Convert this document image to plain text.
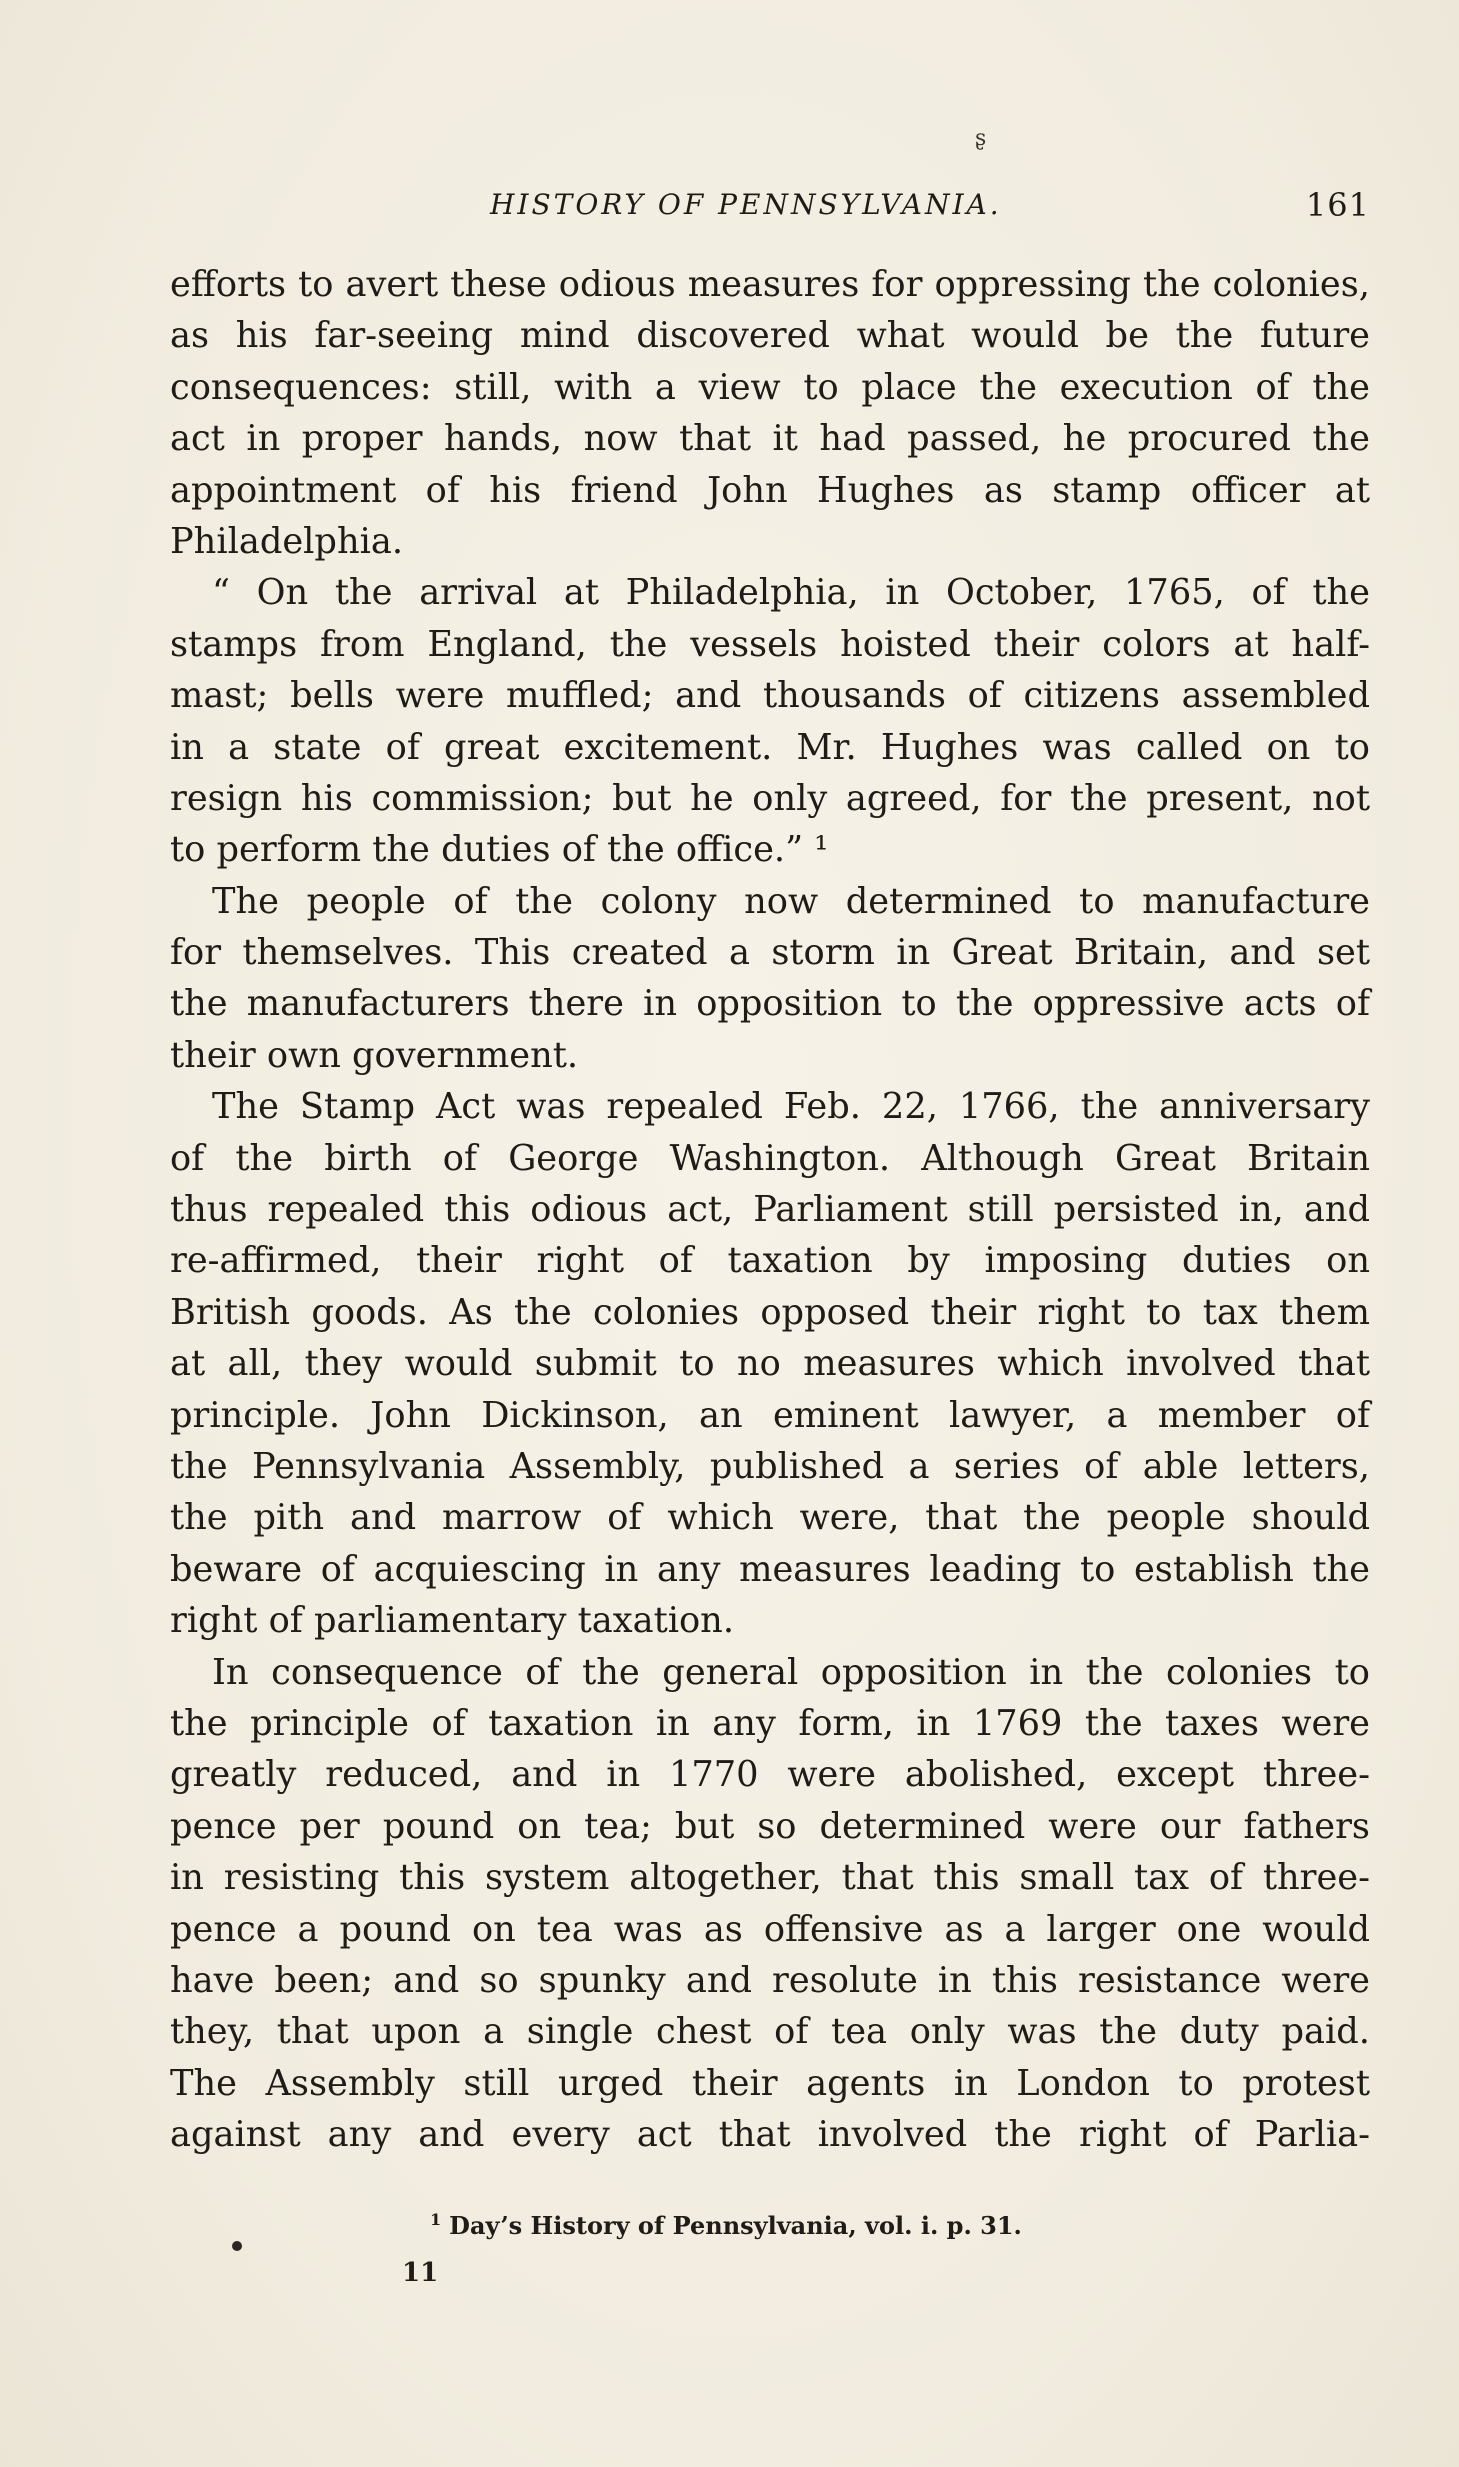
ʂ
HISTORY OF PENNSYLVANIA.	161
efforts to avert these odious measures for oppressing the colonies,
as his far-seeing mind discovered what would be the future
consequences: still, with a view to place the execution of the
act in proper hands, now that it had passed, he procured the
appointment of his friend John Hughes as stamp officer at
Philadelphia.
“ On the arrival at Philadelphia, in October, 1765, of the
stamps from England, the vessels hoisted their colors at half-
mast; bells were muffled; and thousands of citizens assembled
in a state of great excitement. Mr. Hughes was called on to
resign his commission; but he only agreed, for the present, not
to perform the duties of the office.” ¹
The people of the colony now determined to manufacture
for themselves. This created a storm in Great Britain, and set
the manufacturers there in opposition to the oppressive acts of
their own government.
The Stamp Act was repealed Feb. 22, 1766, the anniversary
of the birth of George Washington. Although Great Britain
thus repealed this odious act, Parliament still persisted in, and
re-affirmed, their right of taxation by imposing duties on
British goods. As the colonies opposed their right to tax them
at all, they would submit to no measures which involved that
principle. John Dickinson, an eminent lawyer, a member of
the Pennsylvania Assembly, published a series of able letters,
the pith and marrow of which were, that the people should
beware of acquiescing in any measures leading to establish the
right of parliamentary taxation.
In consequence of the general opposition in the colonies to
the principle of taxation in any form, in 1769 the taxes were
greatly reduced, and in 1770 were abolished, except three-
pence per pound on tea; but so determined were our fathers
in resisting this system altogether, that this small tax of three-
pence a pound on tea was as offensive as a larger one would
have been; and so spunky and resolute in this resistance were
they, that upon a single chest of tea only was the duty paid.
The Assembly still urged their agents in London to protest
against any and every act that involved the right of Parlia-
$^1$ Day’s History of Pennsylvania, vol. i. p. 31.
11
